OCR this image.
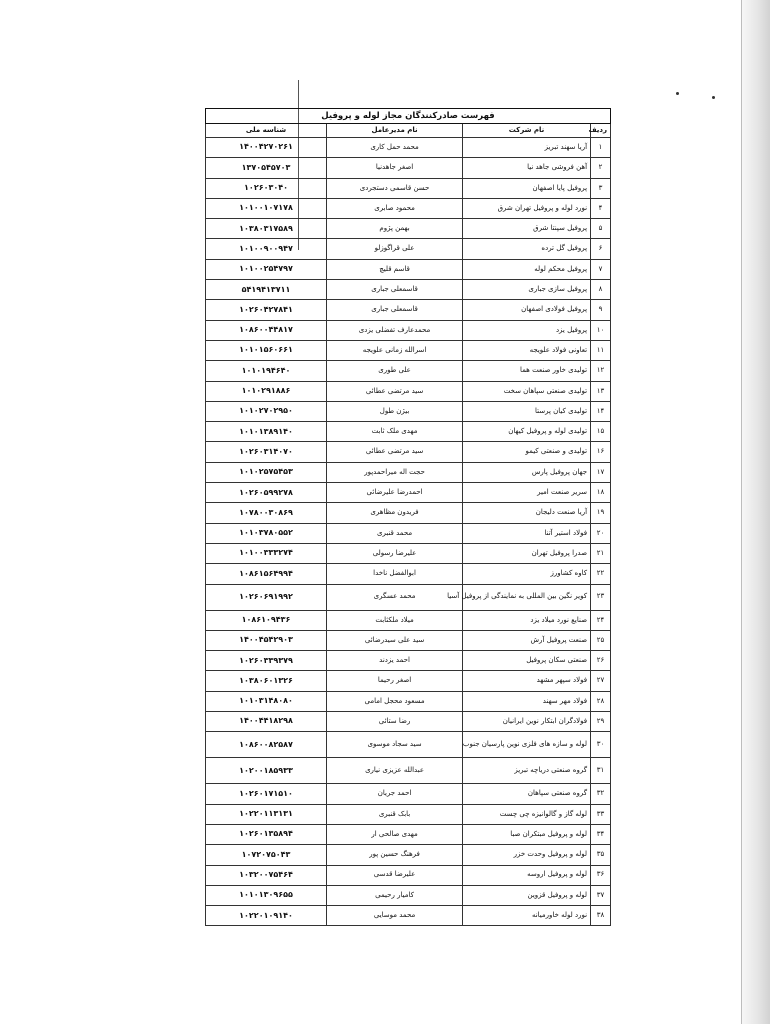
فهرست صادرکنندگان مجاز لوله و پروفیل			
ردیف	نام شرکت	نام مدیرعامل	شناسه ملی
۱	آریا سهند تبریز	محمد حمل کاری	۱۴۰۰۴۲۷۰۲۶۱
۲	آهن فروشی جاهد نیا	اصغر جاهدنیا	۱۳۷۰۵۴۵۷۰۳
۳	پروفیل پایا اصفهان	حسن قاسمی دستجردی	۱۰۲۶۰۳۰۴۰
۴	نورد لوله و پروفیل تهران شرق	محمود صابری	۱۰۱۰۰۱۰۷۱۷۸
۵	پروفیل سپنتا شرق	بهمن پژوم	۱۰۳۸۰۳۱۷۵۸۹
۶	پروفیل گل ترده	علی قراگوزلو	۱۰۱۰۰۹۰۰۹۴۷
۷	پروفیل محکم لوله	قاسم قلیچ	۱۰۱۰۰۲۵۴۷۹۷
۸	پروفیل سازی جباری	قاسمعلی جباری	۵۴۱۹۴۱۳۷۱۱
۹	پروفیل فولادی اصفهان	قاسمعلی جباری	۱۰۲۶۰۴۲۷۸۴۱
۱۰	پروفیل یزد	محمدعارف تفضلی یزدی	۱۰۸۶۰۰۴۴۸۱۷
۱۱	تعاونی فولاد علویجه	اسرالله زمانی علویجه	۱۰۱۰۱۵۶۰۶۶۱
۱۲	تولیدی خاور صنعت هما	علی طوری	۱۰۱۰۱۹۴۶۴۰
۱۳	تولیدی صنعتی سپاهان سخت	سید مرتضی عطائی	۱۰۱۰۲۹۱۸۸۶
۱۴	تولیدی کیان پرستا	بیژن طول	۱۰۱۰۲۷۰۲۹۵۰
۱۵	تولیدی لوله و پروفیل کیهان	مهدی ملک ثابت	۱۰۱۰۱۳۸۹۱۴۰
۱۶	تولیدی و صنعتی کیمو	سید مرتضی عطائی	۱۰۲۶۰۳۱۴۰۷۰
۱۷	جهان پروفیل پارس	حجت اله میراحمدپور	۱۰۱۰۲۵۷۵۴۵۳
۱۸	سریر صنعت امیر	احمدرضا علیرضائی	۱۰۲۶۰۵۹۹۲۷۸
۱۹	آریا صنعت دلیجان	فریدون مظاهری	۱۰۷۸۰۰۳۰۸۶۹
۲۰	فولاد استیر آتنا	محمد قنبری	۱۰۱۰۳۷۸۰۵۵۲
۲۱	صدرا پروفیل تهران	علیرضا رسولی	۱۰۱۰۰۳۳۳۲۷۴
۲۲	کاوه کشاورز	ابوالفضل ناخدا	۱۰۸۶۱۵۶۴۹۹۴
۲۳	کویر نگین بین المللی به نمایندگی از پروفیل آسیا	محمد عسگری	۱۰۲۶۰۶۹۱۹۹۲
۲۴	صنایع نورد میلاد یزد	میلاد ملکثابت	۱۰۸۶۱۰۹۴۳۶
۲۵	صنعت پروفیل آرش	سید علی سیدرضائی	۱۴۰۰۴۵۴۲۹۰۳
۲۶	صنعتی سکان پروفیل	احمد یزدند	۱۰۲۶۰۳۳۹۳۷۹
۲۷	فولاد سپهر مشهد	اصغر رحیما	۱۰۳۸۰۶۰۱۳۲۶
۲۸	فولاد مهر سهند	مسعود محجل امامی	۱۰۱۰۳۱۴۸۰۸۰
۲۹	فولادگران ابتکار نوین ایرانیان	رضا ستائی	۱۴۰۰۴۴۱۸۲۹۸
۳۰	لوله و سازه های فلزی نوین پارسیان جنوب	سید سجاد موسوی	۱۰۸۶۰۰۸۲۵۸۷
۳۱	گروه صنعتی دریاچه تبریز	عبدالله عزیزی نیاری	۱۰۲۰۰۱۸۵۹۳۳
۳۲	گروه صنعتی سپاهان	احمد جریان	۱۰۲۶۰۱۷۱۵۱۰
۳۳	لوله گاز و گالوانیزه چی چست	بابک قنبری	۱۰۲۲۰۱۱۳۱۳۱
۳۴	لوله و پروفیل مبتکران صبا	مهدی صالحی ار	۱۰۲۶۰۱۳۵۸۹۴
۳۵	لوله و پروفیل وحدت خزر	فرهنگ حسین پور	۱۰۷۲۰۷۵۰۴۳
۳۶	لوله و پروفیل اروسه	علیرضا قدسی	۱۰۳۲۰۰۷۵۴۶۴
۳۷	لوله و پروفیل قزوین	کامیار رحیمی	۱۰۱۰۱۳۰۹۶۵۵
۳۸	نورد لوله خاورمیانه	محمد موسایی	۱۰۲۲۰۱۰۹۱۴۰
